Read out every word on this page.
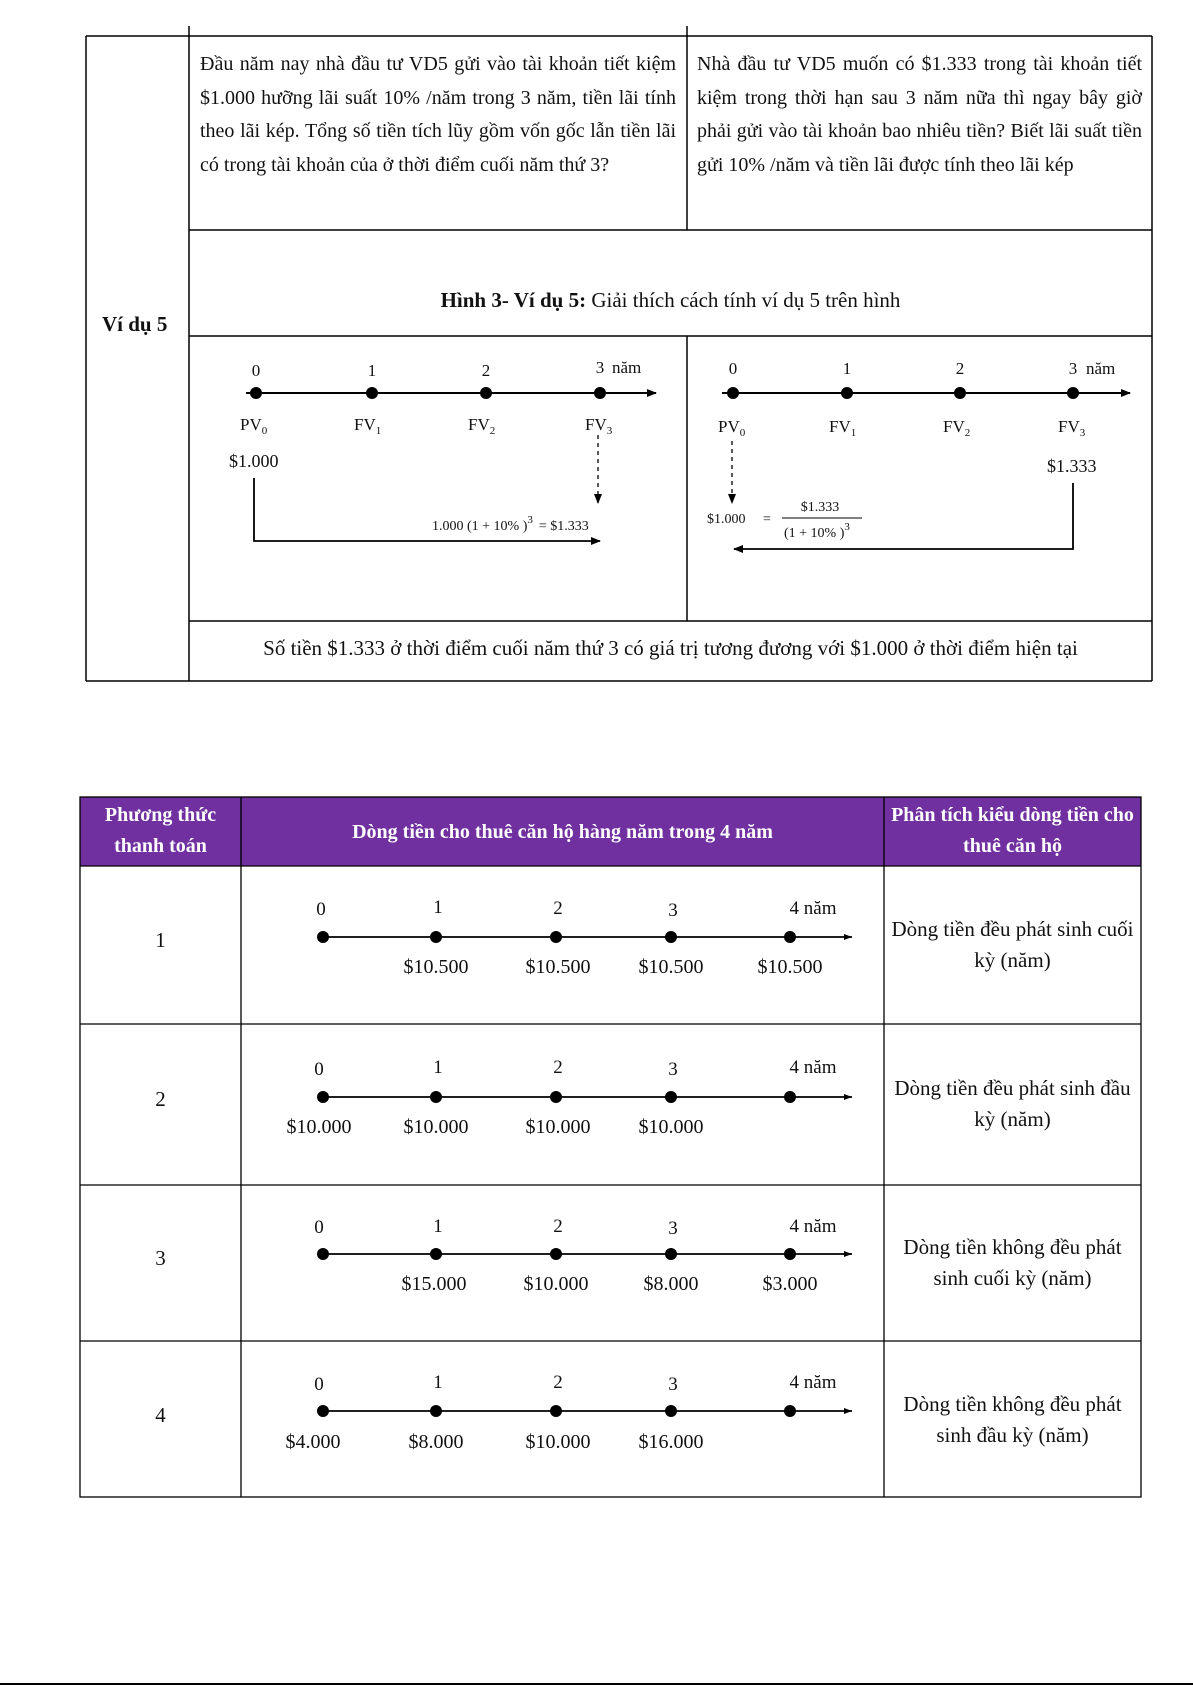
Ví dụ 5
Đầu năm nay nhà đầu tư VD5 gửi vào tài khoản tiết kiệm $1.000 hưỡng lãi suất 10% /năm trong 3 năm, tiền lãi tính theo lãi kép. Tổng số tiền tích lũy gồm vốn gốc lẫn tiền lãi có trong tài khoản của ở thời điểm cuối năm thứ 3?
Nhà đầu tư VD5 muốn có $1.333 trong tài khoản tiết kiệm trong thời hạn sau 3 năm nữa thì ngay bây giờ phải gửi vào tài khoản bao nhiêu tiền? Biết lãi suất tiền gửi 10% /năm và tiền lãi được tính theo lãi kép
Hình 3- Ví dụ 5: Giải thích cách tính ví dụ 5 trên hình
0	1	2	3 năm
$PV_0$	$FV_1$	$FV_2$	$FV_3$
$1.000
1.000 (1 + 10% )$^3$ = $1.333
0	1	2	3 năm
$PV_0$	$FV_1$	$FV_2$	$FV_3$
$1.333
$1.000 =
$1.333
(1 + 10% )$^3$
Số tiền $1.333 ở thời điểm cuối năm thứ 3 có giá trị tương đương với $1.000 ở thời điểm hiện tại
Phương thức thanh toán
Dòng tiền cho thuê căn hộ hàng năm trong 4 năm
Phân tích kiểu dòng tiền cho thuê căn hộ
1
0	1	2	3	4 năm
$10.500	$10.500 $10.500	$10.500
Dòng tiền đều phát sinh cuối kỳ (năm)
2
0	1	2	3	4 năm
$10.000	$10.000	$10.000 $10.000
Dòng tiền đều phát sinh đầu kỳ (năm)
3
0	1	2	3	4 năm
$15.000	$10.000	$8.000	$3.000
Dòng tiền không đều phát sinh cuối kỳ (năm)
4
0	1	2	3	4 năm
$4.000	$8.000	$10.000 $16.000
Dòng tiền không đều phát sinh đầu kỳ (năm)
